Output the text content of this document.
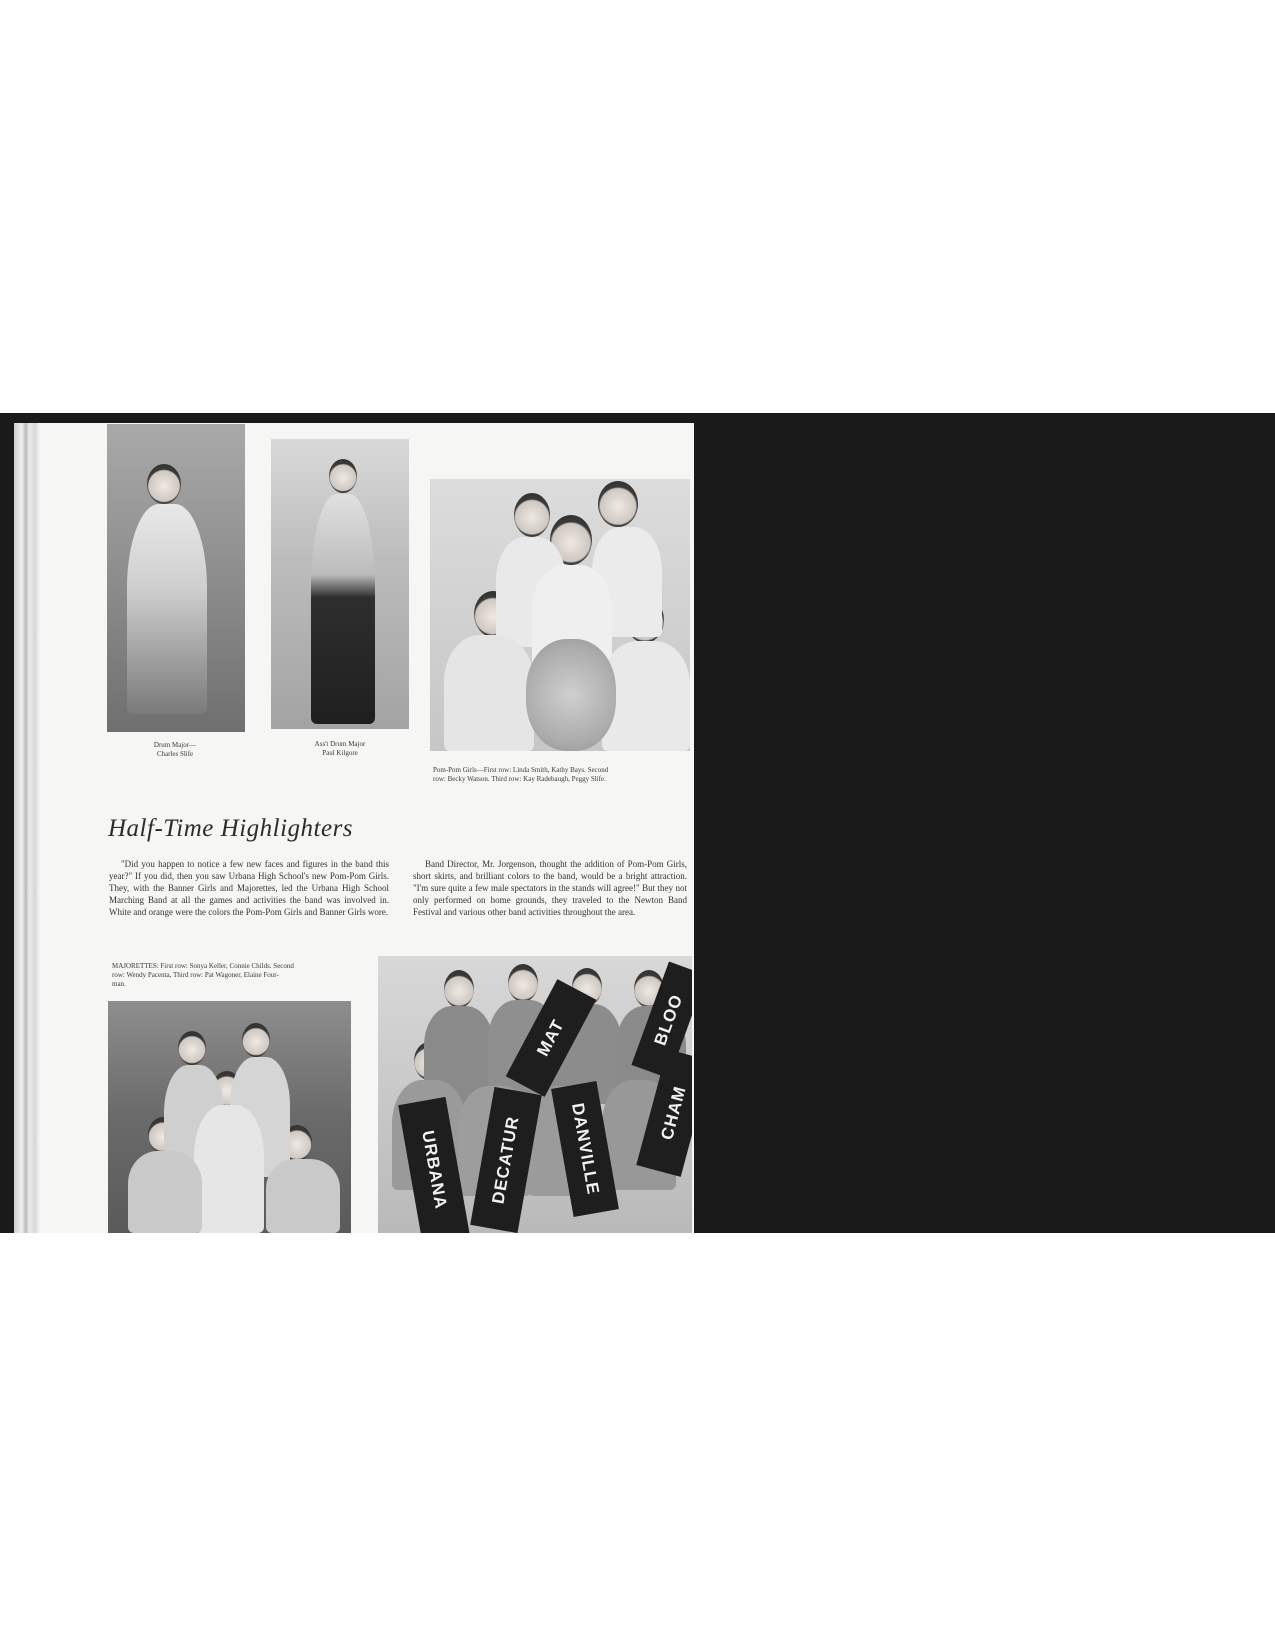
Drum Major—
Charles Slife
Ass't Drum Major
Paul Kilgore
Pom-Pom Girls—First row: Linda Smith, Kathy Bays. Second
row: Becky Watson. Third row: Kay Radebaugh, Peggy Slife.
Half-Time Highlighters
"Did you happen to notice a few new faces and figures in the band this year?" If you did, then you saw Urbana High School's new Pom-Pom Girls. They, with the Banner Girls and Majorettes, led the Urbana High School Marching Band at all the games and activities the band was involved in. White and orange were the colors the Pom-Pom Girls and Banner Girls wore.
Band Director, Mr. Jorgenson, thought the addition of Pom-Pom Girls, short skirts, and brilliant colors to the band, would be a bright attraction. "I'm sure quite a few male spectators in the stands will agree!" But they not only performed on home grounds, they traveled to the Newton Band Festival and various other band activities throughout the area.
MAJORETTES: First row: Sonya Keller, Connie Childs. Second
row: Wendy Pacenta, Third row: Pat Wagoner, Elaine Four-
man.
MAT	BLOO
URBANA	DECATUR	DANVILLE	CHAM
